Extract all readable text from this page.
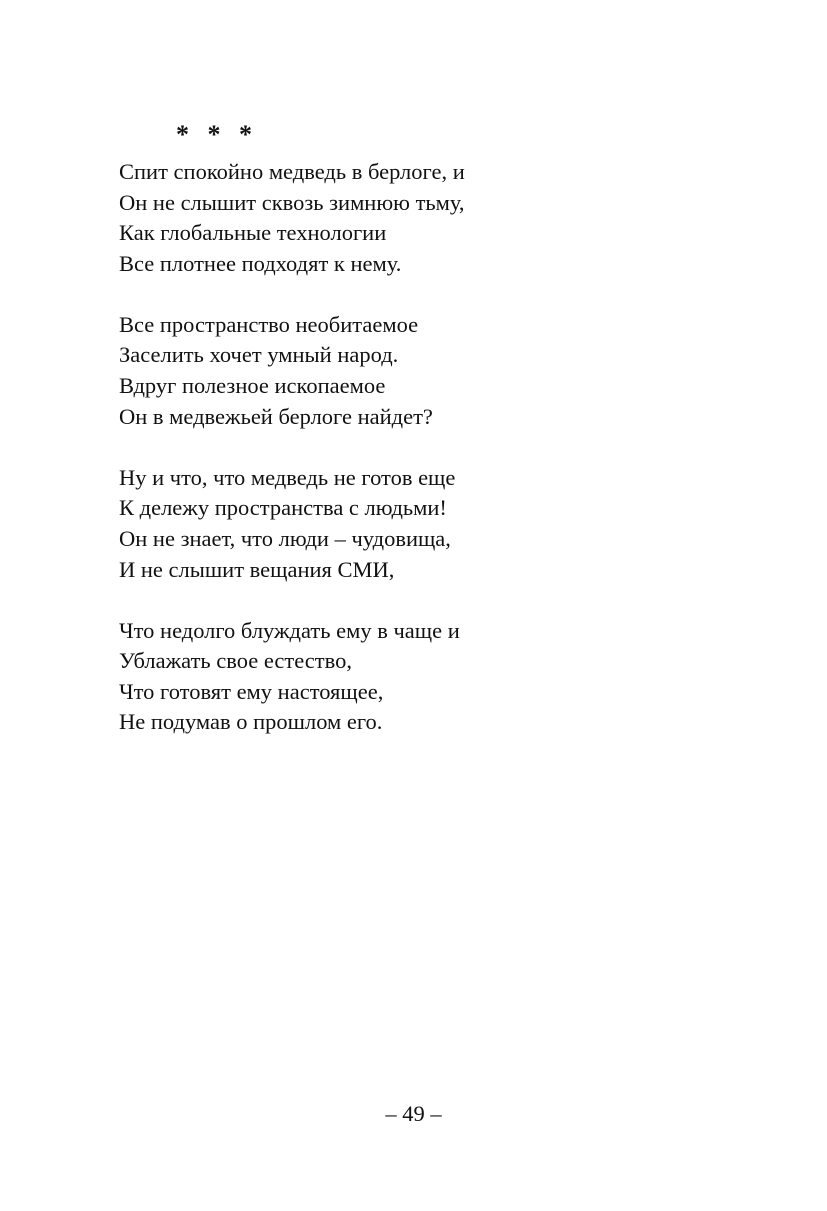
* * *
Спит спокойно медведь в берлоге, и
Он не слышит сквозь зимнюю тьму,
Как глобальные технологии
Все плотнее подходят к нему.
Все пространство необитаемое
Заселить хочет умный народ.
Вдруг полезное ископаемое
Он в медвежьей берлоге найдет?
Ну и что, что медведь не готов еще
К дележу пространства с людьми!
Он не знает, что люди – чудовища,
И не слышит вещания СМИ,
Что недолго блуждать ему в чаще и
Ублажать свое естество,
Что готовят ему настоящее,
Не подумав о прошлом его.
– 49 –
